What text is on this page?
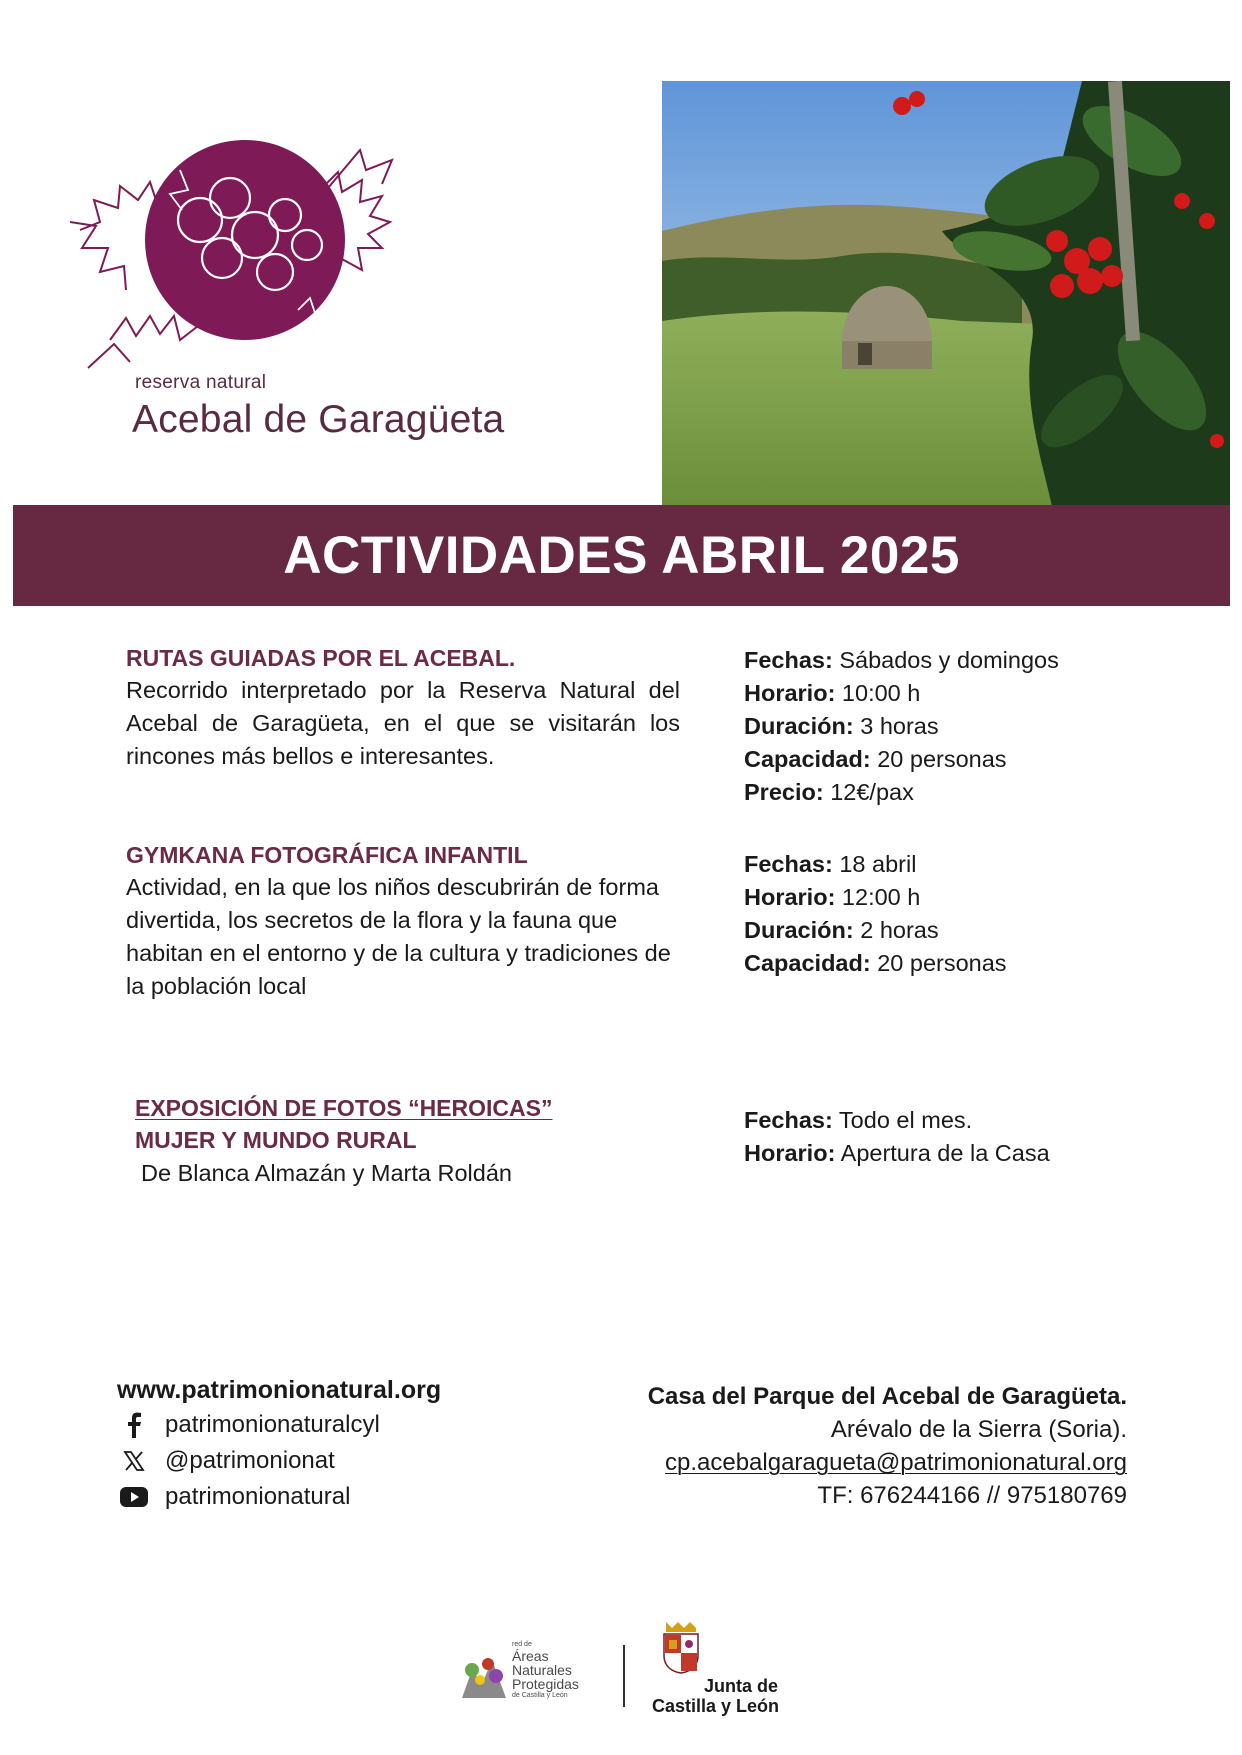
reserva natural
Acebal de Garagüeta
ACTIVIDADES ABRIL 2025
RUTAS GUIADAS POR EL ACEBAL.
Recorrido interpretado por la Reserva Natural del Acebal de Garagüeta, en el que se visitarán los rincones más bellos e interesantes.
Fechas: Sábados y domingos
Horario: 10:00 h
Duración: 3 horas
Capacidad: 20 personas
Precio: 12€/pax
GYMKANA FOTOGRÁFICA INFANTIL
Actividad, en la que los niños descubrirán de forma divertida, los secretos de la flora y la fauna que habitan en el entorno y de la cultura y tradiciones de la población local
Fechas: 18 abril
Horario: 12:00 h
Duración: 2 horas
Capacidad: 20 personas
EXPOSICIÓN DE FOTOS “HEROICAS”
MUJER Y MUNDO RURAL
De Blanca Almazán y Marta Roldán
Fechas: Todo el mes.
Horario: Apertura de la Casa
www.patrimonionatural.org
patrimonionaturalcyl
@patrimonionat
patrimonionatural
Casa del Parque del Acebal de Garagüeta.
Arévalo de la Sierra (Soria).
cp.acebalgaragueta@patrimonionatural.org
TF: 676244166 // 975180769
red de
Áreas
Naturales
Protegidas
de Castilla y León	Junta de
Castilla y León
